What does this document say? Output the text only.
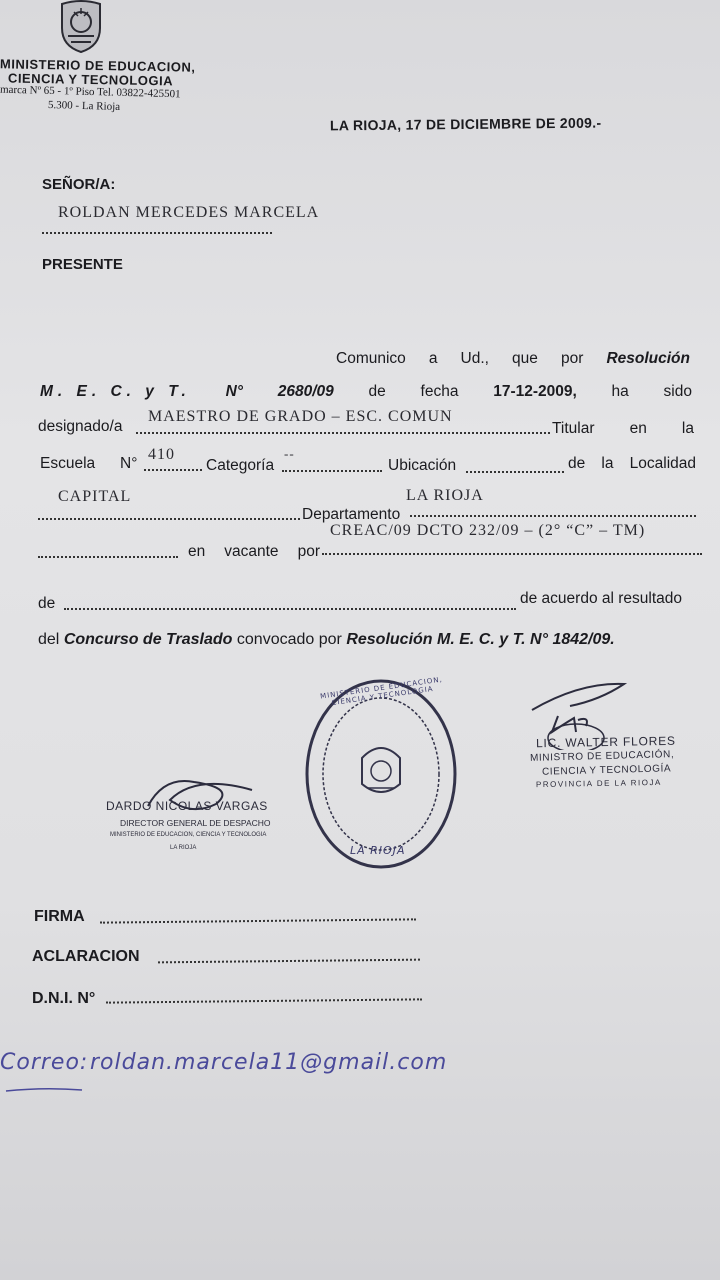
MINISTERIO DE EDUCACION,
CIENCIA Y TECNOLOGIA
marca Nº 65 - 1º Piso Tel. 03822-425501
5.300 - La Rioja
LA RIOJA, 17 DE DICIEMBRE DE 2009.-
SEÑOR/A:
ROLDAN MERCEDES MARCELA
PRESENTE
Comunico a Ud., que por Resolución
M. E. C. y T. N° 2680/09 de fecha 17-12-2009, ha sido
designado/a
MAESTRO DE GRADO – ESC. COMUN
Titular en la
Escuela N°
410
Categoría
--
Ubicación	de la Localidad
CAPITAL
Departamento
LA RIOJA
CREAC/09 DCTO 232/09 – (2° “C” – TM)
en vacante por
de	de acuerdo al resultado
del Concurso de Traslado convocado por Resolución M. E. C. y T. N° 1842/09.
MINISTERIO DE EDUCACION, CIENCIA Y TECNOLOGIA
LA RIOJA
DARDO NICOLAS VARGAS
DIRECTOR GENERAL DE DESPACHO
MINISTERIO DE EDUCACION, CIENCIA Y TECNOLOGIA
LA RIOJA
LIC. WALTER FLORES
MINISTRO DE EDUCACIÓN,
CIENCIA Y TECNOLOGÍA
PROVINCIA DE LA RIOJA
FIRMA
ACLARACION
D.N.I. N°
Correo: roldan.marcela11@gmail.com
